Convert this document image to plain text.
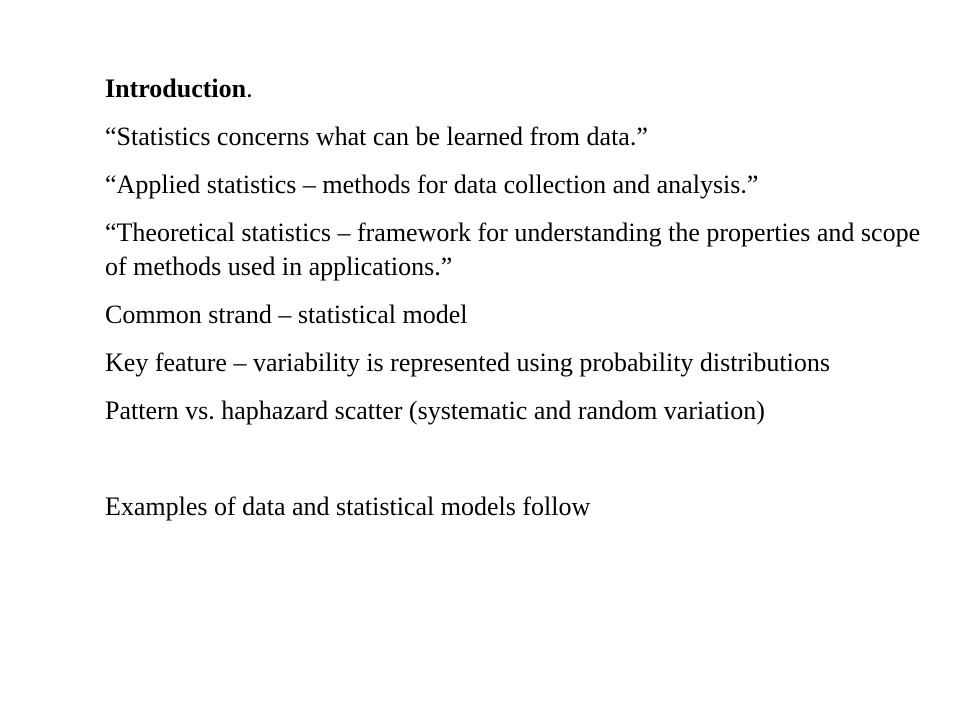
Introduction.
“Statistics concerns what can be learned from data.”
“Applied statistics – methods for data collection and analysis.”
“Theoretical statistics – framework for understanding the properties and scope of methods used in applications.”
Common strand – statistical model
Key feature – variability is represented using probability distributions
Pattern vs. haphazard scatter (systematic and random variation)
Examples of data and statistical models follow
